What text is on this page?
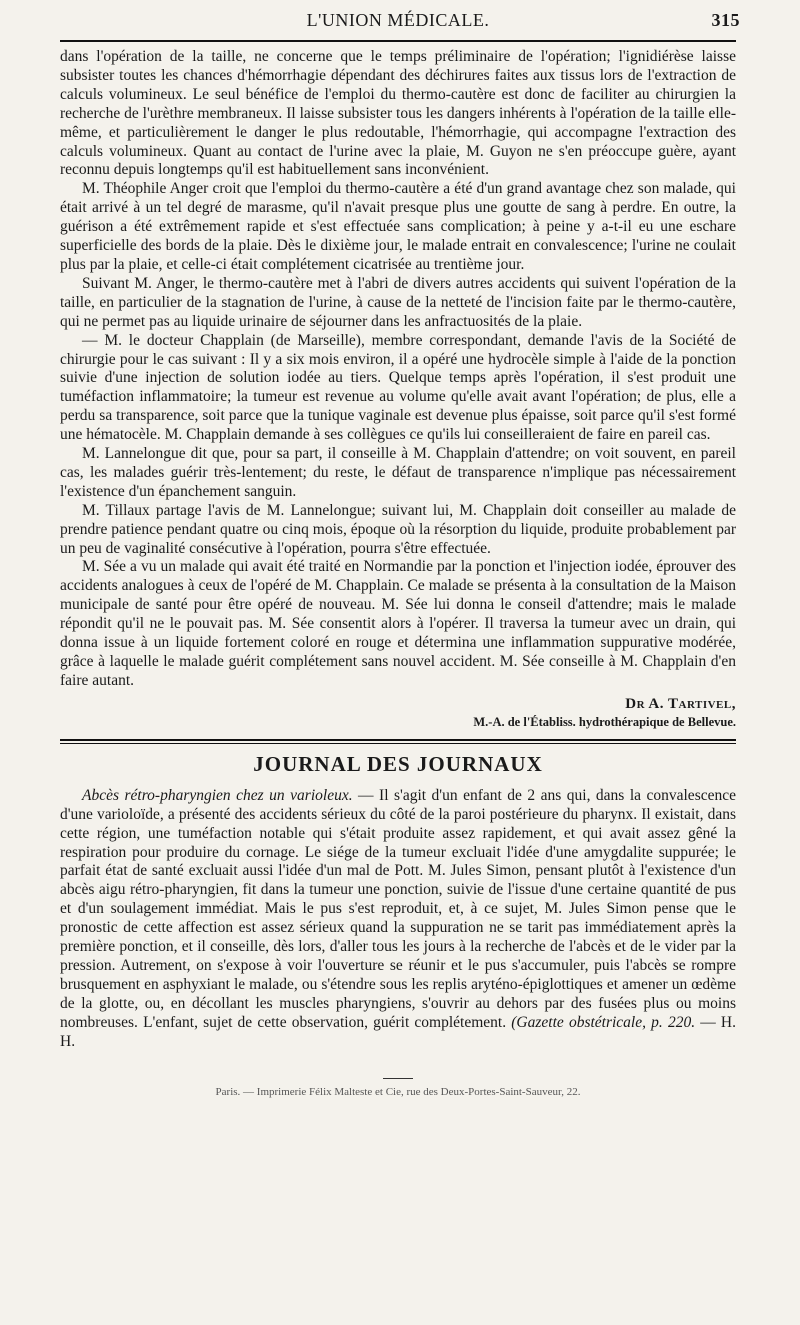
L'UNION MÉDICALE.	315

dans l'opération de la taille, ne concerne que le temps préliminaire de l'opération; l'ignidiérèse laisse subsister toutes les chances d'hémorrhagie dépendant des déchirures faites aux tissus lors de l'extraction de calculs volumineux. Le seul bénéfice de l'emploi du thermo-cautère est donc de faciliter au chirurgien la recherche de l'urèthre membraneux. Il laisse subsister tous les dangers inhérents à l'opération de la taille elle-même, et particulièrement le danger le plus redoutable, l'hémorrhagie, qui accompagne l'extraction des calculs volumineux. Quant au contact de l'urine avec la plaie, M. Guyon ne s'en préoccupe guère, ayant reconnu depuis longtemps qu'il est habituellement sans inconvénient.

M. Théophile Anger croit que l'emploi du thermo-cautère a été d'un grand avantage chez son malade, qui était arrivé à un tel degré de marasme, qu'il n'avait presque plus une goutte de sang à perdre. En outre, la guérison a été extrêmement rapide et s'est effectuée sans complication; à peine y a-t-il eu une eschare superficielle des bords de la plaie. Dès le dixième jour, le malade entrait en convalescence; l'urine ne coulait plus par la plaie, et celle-ci était complétement cicatrisée au trentième jour.

Suivant M. Anger, le thermo-cautère met à l'abri de divers autres accidents qui suivent l'opération de la taille, en particulier de la stagnation de l'urine, à cause de la netteté de l'incision faite par le thermo-cautère, qui ne permet pas au liquide urinaire de séjourner dans les anfractuosités de la plaie.

— M. le docteur Chapplain (de Marseille), membre correspondant, demande l'avis de la Société de chirurgie pour le cas suivant : Il y a six mois environ, il a opéré une hydrocèle simple à l'aide de la ponction suivie d'une injection de solution iodée au tiers. Quelque temps après l'opération, il s'est produit une tuméfaction inflammatoire; la tumeur est revenue au volume qu'elle avait avant l'opération; de plus, elle a perdu sa transparence, soit parce que la tunique vaginale est devenue plus épaisse, soit parce qu'il s'est formé une hématocèle. M. Chapplain demande à ses collègues ce qu'ils lui conseilleraient de faire en pareil cas.

M. Lannelongue dit que, pour sa part, il conseille à M. Chapplain d'attendre; on voit souvent, en pareil cas, les malades guérir très-lentement; du reste, le défaut de transparence n'implique pas nécessairement l'existence d'un épanchement sanguin.

M. Tillaux partage l'avis de M. Lannelongue; suivant lui, M. Chapplain doit conseiller au malade de prendre patience pendant quatre ou cinq mois, époque où la résorption du liquide, produite probablement par un peu de vaginalité consécutive à l'opération, pourra s'être effectuée.

M. Sée a vu un malade qui avait été traité en Normandie par la ponction et l'injection iodée, éprouver des accidents analogues à ceux de l'opéré de M. Chapplain. Ce malade se présenta à la consultation de la Maison municipale de santé pour être opéré de nouveau. M. Sée lui donna le conseil d'attendre; mais le malade répondit qu'il ne le pouvait pas. M. Sée consentit alors à l'opérer. Il traversa la tumeur avec un drain, qui donna issue à un liquide fortement coloré en rouge et détermina une inflammation suppurative modérée, grâce à laquelle le malade guérit complétement sans nouvel accident. M. Sée conseille à M. Chapplain d'en faire autant.

Dr A. Tartivel,
M.-A. de l'Établiss. hydrothérapique de Bellevue.
JOURNAL DES JOURNAUX

Abcès rétro-pharyngien chez un varioleux. — Il s'agit d'un enfant de 2 ans qui, dans la convalescence d'une varioloïde, a présenté des accidents sérieux du côté de la paroi postérieure du pharynx. Il existait, dans cette région, une tuméfaction notable qui s'était produite assez rapidement, et qui avait assez gêné la respiration pour produire du cornage. Le siége de la tumeur excluait l'idée d'une amygdalite suppurée; le parfait état de santé excluait aussi l'idée d'un mal de Pott. M. Jules Simon, pensant plutôt à l'existence d'un abcès aigu rétro-pharyngien, fit dans la tumeur une ponction, suivie de l'issue d'une certaine quantité de pus et d'un soulagement immédiat. Mais le pus s'est reproduit, et, à ce sujet, M. Jules Simon pense que le pronostic de cette affection est assez sérieux quand la suppuration ne se tarit pas immédiatement après la première ponction, et il conseille, dès lors, d'aller tous les jours à la recherche de l'abcès et de le vider par la pression. Autrement, on s'expose à voir l'ouverture se réunir et le pus s'accumuler, puis l'abcès se rompre brusquement en asphyxiant le malade, ou s'étendre sous les replis aryténo-épiglottiques et amener un œdème de la glotte, ou, en décollant les muscles pharyngiens, s'ouvrir au dehors par des fusées plus ou moins nombreuses. L'enfant, sujet de cette observation, guérit complétement. (Gazette obstétricale, p. 220. — H. H.

Paris. — Imprimerie Félix Malteste et Cie, rue des Deux-Portes-Saint-Sauveur, 22.
